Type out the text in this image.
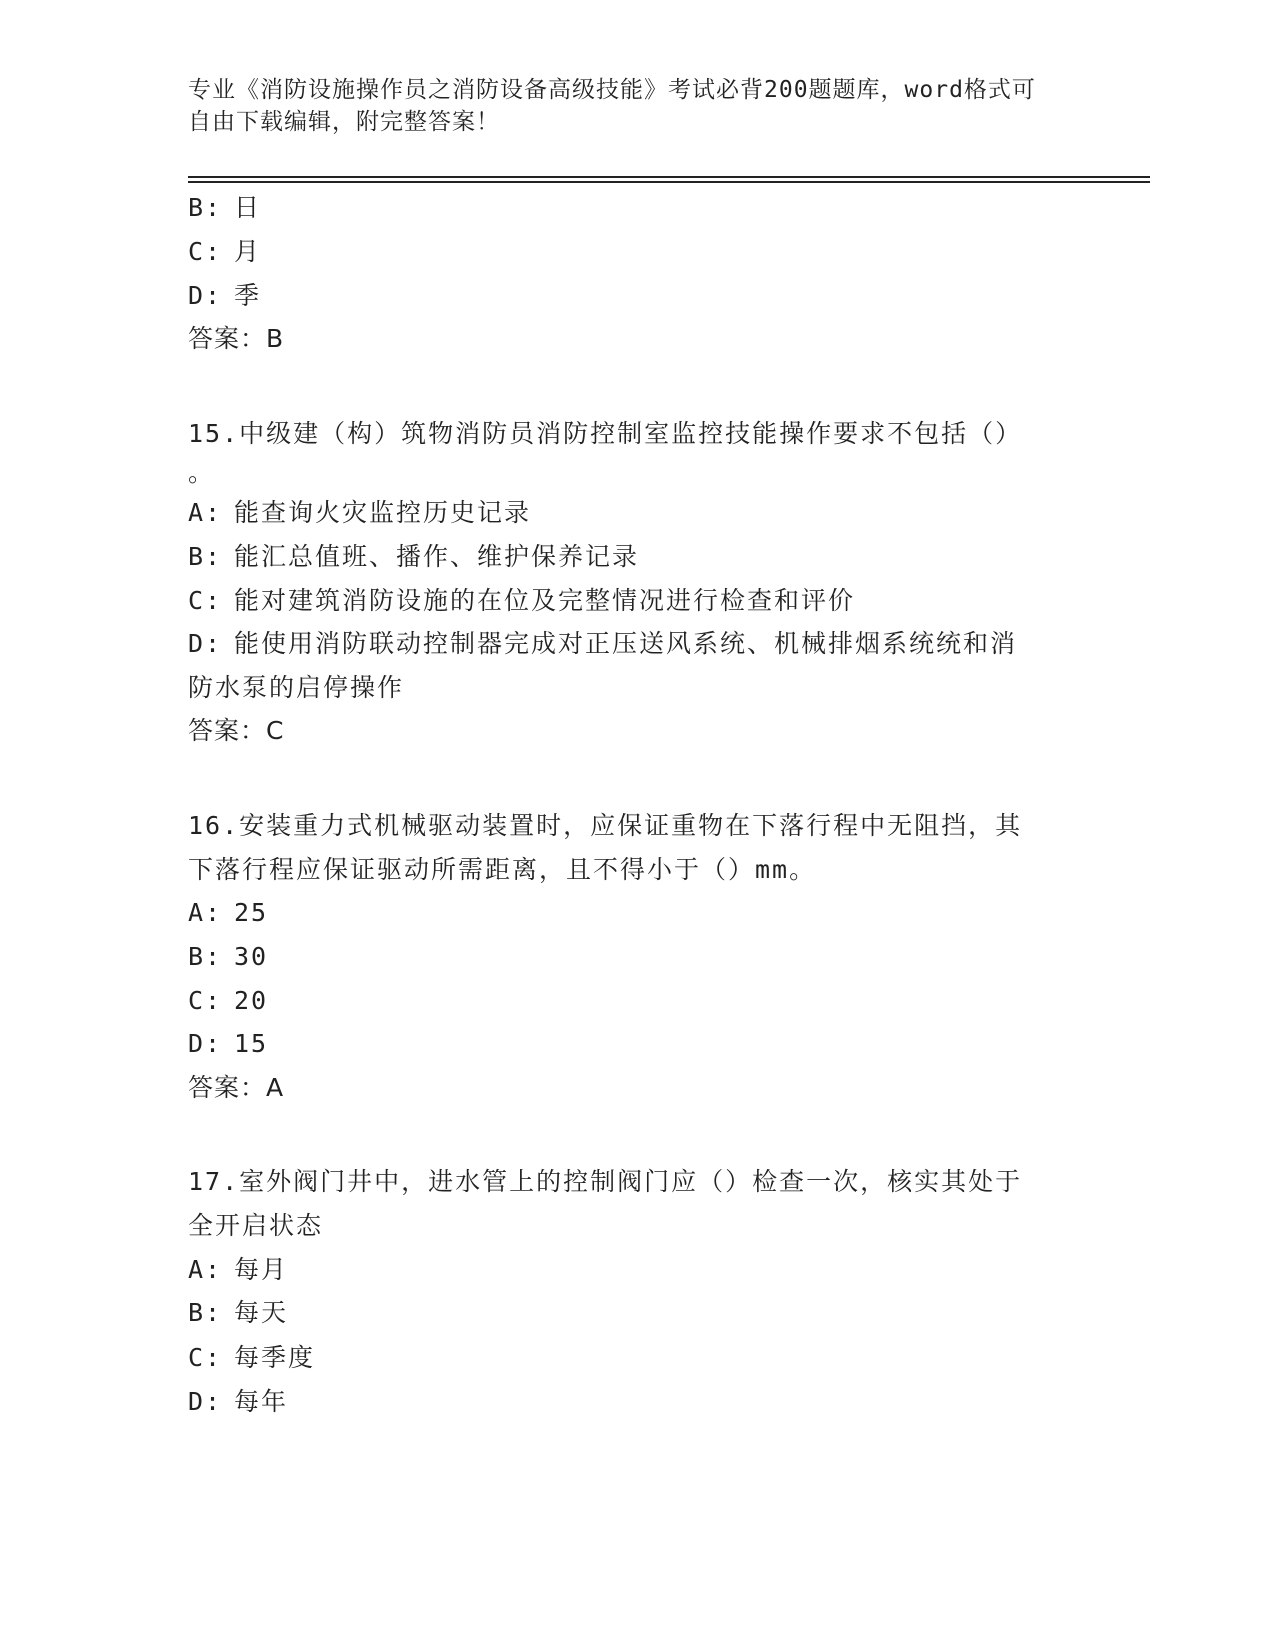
专业《消防设施操作员之消防设备高级技能》考试必背200题题库，word格式可
自由下载编辑，附完整答案！
B: 日
C: 月
D: 季
答案：B
15.中级建（构）筑物消防员消防控制室监控技能操作要求不包括（）
。
A: 能查询火灾监控历史记录
B: 能汇总值班、播作、维护保养记录
C: 能对建筑消防设施的在位及完整情况进行检查和评价
D: 能使用消防联动控制器完成对正压送风系统、机械排烟系统统和消
防水泵的启停操作
答案：C
16.安装重力式机械驱动装置时，应保证重物在下落行程中无阻挡，其
下落行程应保证驱动所需距离，且不得小于（）mm。
A: 25
B: 30
C: 20
D: 15
答案：A
17.室外阀门井中，进水管上的控制阀门应（）检查一次，核实其处于
全开启状态
A: 每月
B: 每天
C: 每季度
D: 每年
